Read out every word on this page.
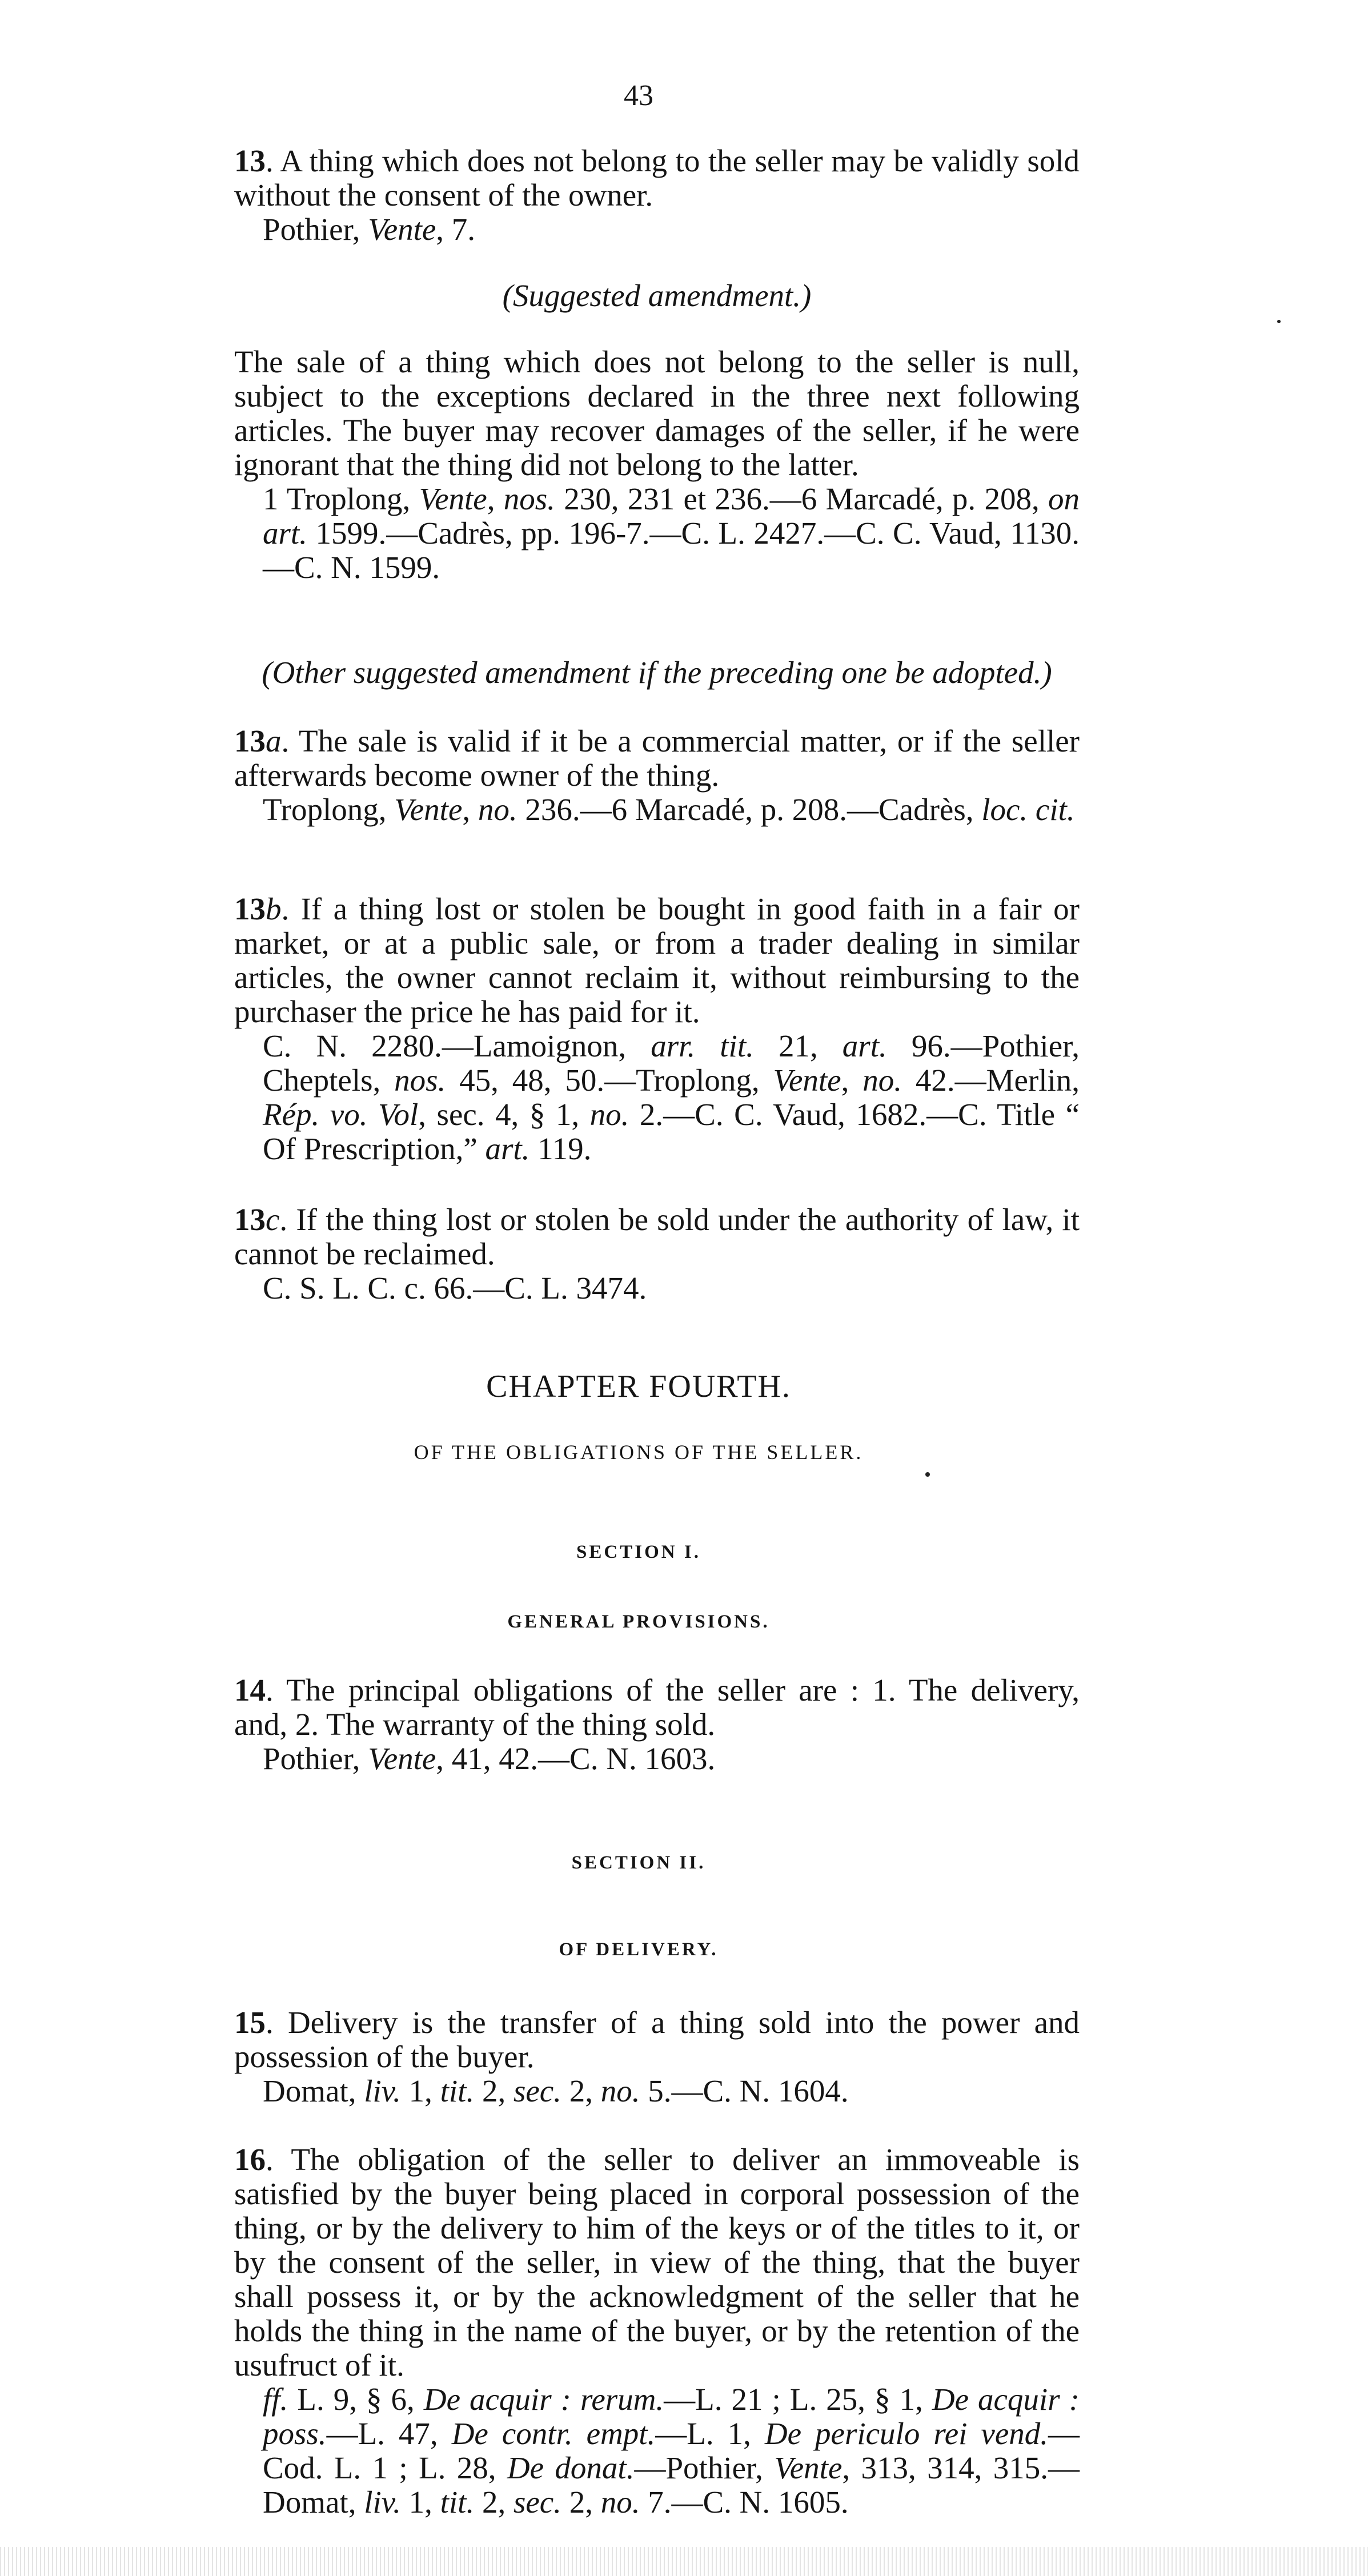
43

13. A thing which does not belong to the seller may be validly sold without the consent of the owner.

Pothier, Vente, 7.

(Suggested amendment.)

The sale of a thing which does not belong to the seller is null, subject to the exceptions declared in the three next following articles. The buyer may recover damages of the seller, if he were ignorant that the thing did not belong to the latter.

1 Troplong, Vente, nos. 230, 231 et 236.—6 Marcadé, p. 208, on art. 1599.—Cadrès, pp. 196-7.—C. L. 2427.—C. C. Vaud, 1130.—C. N. 1599.

(Other suggested amendment if the preceding one be adopted.)

13a. The sale is valid if it be a commercial matter, or if the seller afterwards become owner of the thing.

Troplong, Vente, no. 236.—6 Marcadé, p. 208.—Cadrès, loc. cit.

13b. If a thing lost or stolen be bought in good faith in a fair or market, or at a public sale, or from a trader dealing in similar articles, the owner cannot reclaim it, without reimbursing to the purchaser the price he has paid for it.

C. N. 2280.—Lamoignon, arr. tit. 21, art. 96.—Pothier, Cheptels, nos. 45, 48, 50.—Troplong, Vente, no. 42.—Merlin, Rép. vo. Vol, sec. 4, § 1, no. 2.—C. C. Vaud, 1682.—C. Title “ Of Prescription,” art. 119.

13c. If the thing lost or stolen be sold under the authority of law, it cannot be reclaimed.

C. S. L. C. c. 66.—C. L. 3474.

CHAPTER FOURTH.
OF THE OBLIGATIONS OF THE SELLER.
SECTION I.
GENERAL PROVISIONS.

14. The principal obligations of the seller are : 1. The delivery, and, 2. The warranty of the thing sold.

Pothier, Vente, 41, 42.—C. N. 1603.

SECTION II.
OF DELIVERY.

15. Delivery is the transfer of a thing sold into the power and possession of the buyer.

Domat, liv. 1, tit. 2, sec. 2, no. 5.—C. N. 1604.

16. The obligation of the seller to deliver an immoveable is satisfied by the buyer being placed in corporal possession of the thing, or by the delivery to him of the keys or of the titles to it, or by the consent of the seller, in view of the thing, that the buyer shall possess it, or by the acknowledgment of the seller that he holds the thing in the name of the buyer, or by the retention of the usufruct of it.

ff. L. 9, § 6, De acquir : rerum.—L. 21 ; L. 25, § 1, De acquir : poss.—L. 47, De contr. empt.—L. 1, De periculo rei vend.—Cod. L. 1 ; L. 28, De donat.—Pothier, Vente, 313, 314, 315.—Domat, liv. 1, tit. 2, sec. 2, no. 7.—C. N. 1605.
